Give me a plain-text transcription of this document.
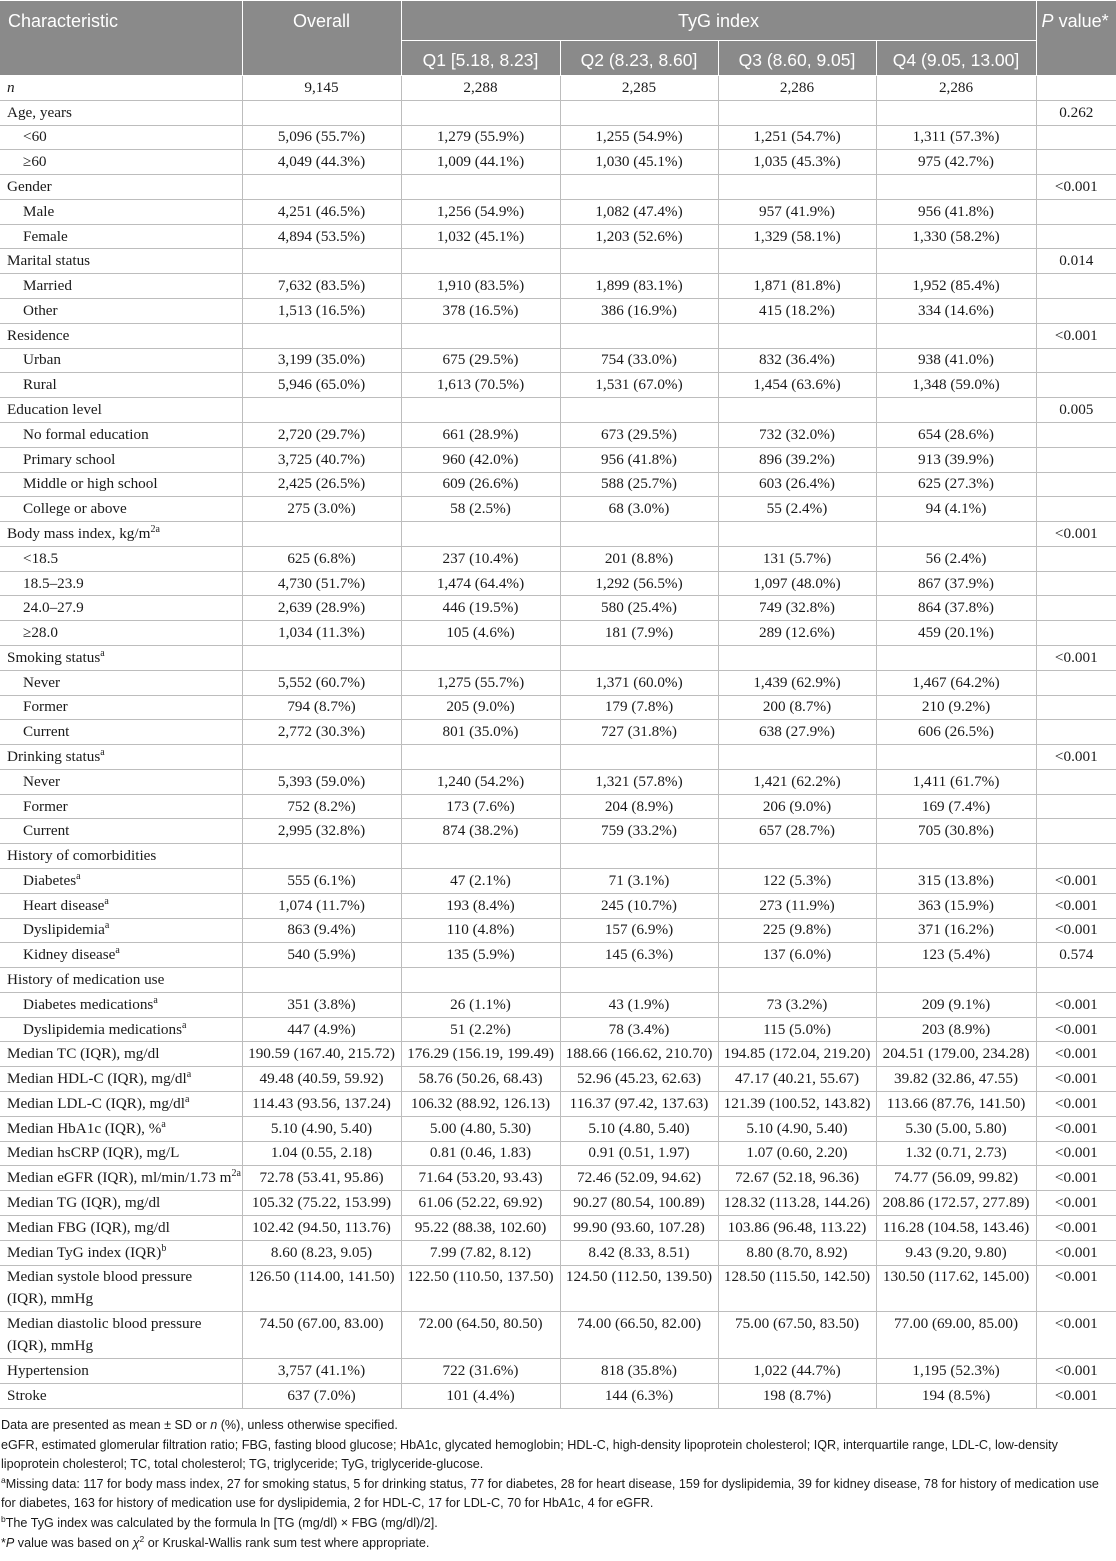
Characteristic	Overall	TyG index				P value*
		Q1 [5.18, 8.23]	Q2 (8.23, 8.60]	Q3 (8.60, 9.05]	Q4 (9.05, 13.00]	
n	9,145	2,288	2,285	2,286	2,286	
Age, years						0.262
<60	5,096 (55.7%)	1,279 (55.9%)	1,255 (54.9%)	1,251 (54.7%)	1,311 (57.3%)	
≥60	4,049 (44.3%)	1,009 (44.1%)	1,030 (45.1%)	1,035 (45.3%)	975 (42.7%)	
Gender						<0.001
Male	4,251 (46.5%)	1,256 (54.9%)	1,082 (47.4%)	957 (41.9%)	956 (41.8%)	
Female	4,894 (53.5%)	1,032 (45.1%)	1,203 (52.6%)	1,329 (58.1%)	1,330 (58.2%)	
Marital status						0.014
Married	7,632 (83.5%)	1,910 (83.5%)	1,899 (83.1%)	1,871 (81.8%)	1,952 (85.4%)	
Other	1,513 (16.5%)	378 (16.5%)	386 (16.9%)	415 (18.2%)	334 (14.6%)	
Residence						<0.001
Urban	3,199 (35.0%)	675 (29.5%)	754 (33.0%)	832 (36.4%)	938 (41.0%)	
Rural	5,946 (65.0%)	1,613 (70.5%)	1,531 (67.0%)	1,454 (63.6%)	1,348 (59.0%)	
Education level						0.005
No formal education	2,720 (29.7%)	661 (28.9%)	673 (29.5%)	732 (32.0%)	654 (28.6%)	
Primary school	3,725 (40.7%)	960 (42.0%)	956 (41.8%)	896 (39.2%)	913 (39.9%)	
Middle or high school	2,425 (26.5%)	609 (26.6%)	588 (25.7%)	603 (26.4%)	625 (27.3%)	
College or above	275 (3.0%)	58 (2.5%)	68 (3.0%)	55 (2.4%)	94 (4.1%)	
Body mass index, $kg/m^{2a}$						<0.001
<18.5	625 (6.8%)	237 (10.4%)	201 (8.8%)	131 (5.7%)	56 (2.4%)	
18.5–23.9	4,730 (51.7%)	1,474 (64.4%)	1,292 (56.5%)	1,097 (48.0%)	867 (37.9%)	
24.0–27.9	2,639 (28.9%)	446 (19.5%)	580 (25.4%)	749 (32.8%)	864 (37.8%)	
≥28.0	1,034 (11.3%)	105 (4.6%)	181 (7.9%)	289 (12.6%)	459 (20.1%)	
Smoking status$^a$						<0.001
Never	5,552 (60.7%)	1,275 (55.7%)	1,371 (60.0%)	1,439 (62.9%)	1,467 (64.2%)	
Former	794 (8.7%)	205 (9.0%)	179 (7.8%)	200 (8.7%)	210 (9.2%)	
Current	2,772 (30.3%)	801 (35.0%)	727 (31.8%)	638 (27.9%)	606 (26.5%)	
Drinking status$^a$						<0.001
Never	5,393 (59.0%)	1,240 (54.2%)	1,321 (57.8%)	1,421 (62.2%)	1,411 (61.7%)	
Former	752 (8.2%)	173 (7.6%)	204 (8.9%)	206 (9.0%)	169 (7.4%)	
Current	2,995 (32.8%)	874 (38.2%)	759 (33.2%)	657 (28.7%)	705 (30.8%)	
History of comorbidities						
Diabetes$^a$	555 (6.1%)	47 (2.1%)	71 (3.1%)	122 (5.3%)	315 (13.8%)	<0.001
Heart disease$^a$	1,074 (11.7%)	193 (8.4%)	245 (10.7%)	273 (11.9%)	363 (15.9%)	<0.001
Dyslipidemia$^a$	863 (9.4%)	110 (4.8%)	157 (6.9%)	225 (9.8%)	371 (16.2%)	<0.001
Kidney disease$^a$	540 (5.9%)	135 (5.9%)	145 (6.3%)	137 (6.0%)	123 (5.4%)	0.574
History of medication use						
Diabetes medications$^a$	351 (3.8%)	26 (1.1%)	43 (1.9%)	73 (3.2%)	209 (9.1%)	<0.001
Dyslipidemia medications$^a$	447 (4.9%)	51 (2.2%)	78 (3.4%)	115 (5.0%)	203 (8.9%)	<0.001
Median TC (IQR), mg/dl	190.59 (167.40, 215.72)	176.29 (156.19, 199.49)	188.66 (166.62, 210.70)	194.85 (172.04, 219.20)	204.51 (179.00, 234.28)	<0.001
Median HDL-C (IQR), $mg/dl^a$	49.48 (40.59, 59.92)	58.76 (50.26, 68.43)	52.96 (45.23, 62.63)	47.17 (40.21, 55.67)	39.82 (32.86, 47.55)	<0.001
Median LDL-C (IQR), $mg/dl^a$	114.43 (93.56, 137.24)	106.32 (88.92, 126.13)	116.37 (97.42, 137.63)	121.39 (100.52, 143.82)	113.66 (87.76, 141.50)	<0.001
Median HbA1c (IQR), %$^a$	5.10 (4.90, 5.40)	5.00 (4.80, 5.30)	5.10 (4.80, 5.40)	5.10 (4.90, 5.40)	5.30 (5.00, 5.80)	<0.001
Median hsCRP (IQR), mg/L	1.04 (0.55, 2.18)	0.81 (0.46, 1.83)	0.91 (0.51, 1.97)	1.07 (0.60, 2.20)	1.32 (0.71, 2.73)	<0.001
Median eGFR (IQR), ml/min/1.73 $m^{2a}$	72.78 (53.41, 95.86)	71.64 (53.20, 93.43)	72.46 (52.09, 94.62)	72.67 (52.18, 96.36)	74.77 (56.09, 99.82)	<0.001
Median TG (IQR), mg/dl	105.32 (75.22, 153.99)	61.06 (52.22, 69.92)	90.27 (80.54, 100.89)	128.32 (113.28, 144.26)	208.86 (172.57, 277.89)	<0.001
Median FBG (IQR), mg/dl	102.42 (94.50, 113.76)	95.22 (88.38, 102.60)	99.90 (93.60, 107.28)	103.86 (96.48, 113.22)	116.28 (104.58, 143.46)	<0.001
Median TyG index (IQR)$^b$	8.60 (8.23, 9.05)	7.99 (7.82, 8.12)	8.42 (8.33, 8.51)	8.80 (8.70, 8.92)	9.43 (9.20, 9.80)	<0.001
Median systole blood pressure (IQR), mmHg	126.50 (114.00, 141.50)	122.50 (110.50, 137.50)	124.50 (112.50, 139.50)	128.50 (115.50, 142.50)	130.50 (117.62, 145.00)	<0.001
Median diastolic blood pressure (IQR), mmHg	74.50 (67.00, 83.00)	72.00 (64.50, 80.50)	74.00 (66.50, 82.00)	75.00 (67.50, 83.50)	77.00 (69.00, 85.00)	<0.001
Hypertension	3,757 (41.1%)	722 (31.6%)	818 (35.8%)	1,022 (44.7%)	1,195 (52.3%)	<0.001
Stroke	637 (7.0%)	101 (4.4%)	144 (6.3%)	198 (8.7%)	194 (8.5%)	<0.001

Data are presented as mean ± SD or n (%), unless otherwise specified.

eGFR, estimated glomerular filtration ratio; FBG, fasting blood glucose; HbA1c, glycated hemoglobin; HDL-C, high-density lipoprotein cholesterol; IQR, interquartile range, LDL-C, low-density lipoprotein cholesterol; TC, total cholesterol; TG, triglyceride; TyG, triglyceride-glucose.

$^a$Missing data: 117 for body mass index, 27 for smoking status, 5 for drinking status, 77 for diabetes, 28 for heart disease, 159 for dyslipidemia, 39 for kidney disease, 78 for history of medication use for diabetes, 163 for history of medication use for dyslipidemia, 2 for HDL-C, 17 for LDL-C, 70 for HbA1c, 4 for eGFR.

$^b$The TyG index was calculated by the formula ln [TG (mg/dl) × FBG (mg/dl)/2].

*P value was based on $\chi^2$ or Kruskal-Wallis rank sum test where appropriate.
